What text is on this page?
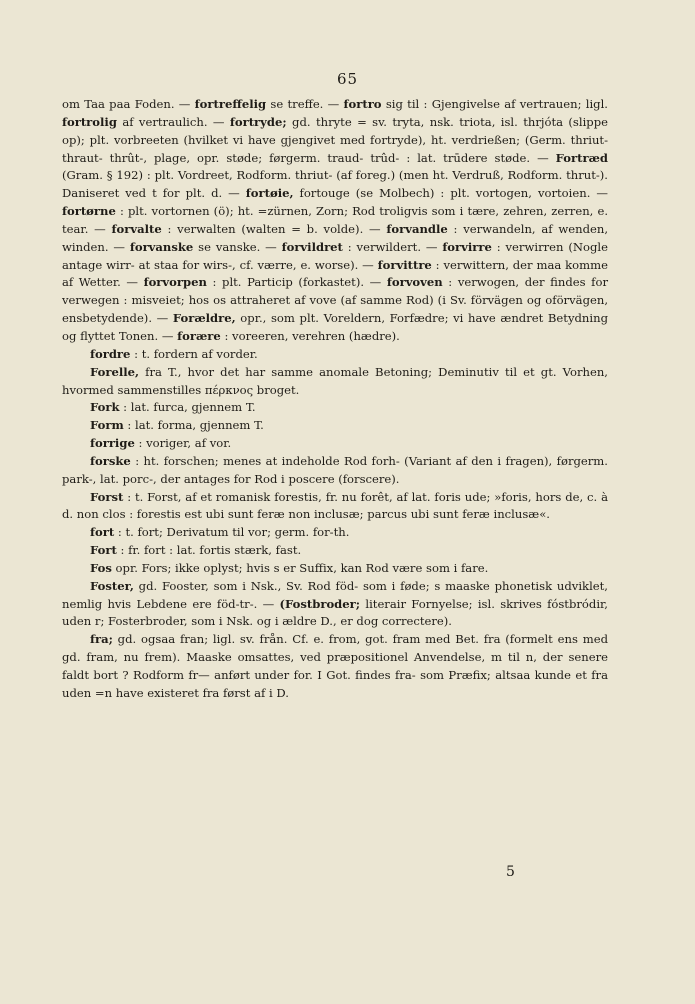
65

om Taa paa Foden. — fortreffelig se treffe. — fortro sig til : Gjengivelse af vertrauen; ligl. fortrolig af vertraulich. — fortryde; gd. thryte = sv. tryta, nsk. triota, isl. thrjóta (slippe op); plt. vorbreeten (hvilket vi have gjengivet med fortryde), ht. verdrießen; (Germ. thriut- thraut- thrût-, plage, opr. støde; førgerm. traud- trûd- : lat. trūdere støde. — Fortræd (Gram. § 192) : plt. Vordreet, Rodform. thriut- (af foreg.) (men ht. Verdruß, Rodform. thrut-). Daniseret ved t for plt. d. — fortøie, fortouge (se Molbech) : plt. vortogen, vortoien. — fortørne : plt. vortornen (ö); ht. =zürnen, Zorn; Rod troligvis som i tære, zehren, zerren, e. tear. — forvalte : verwalten (walten = b. volde). — forvandle : verwandeln, af wenden, winden. — forvanske se vanske. — forvildret : verwildert. — forvirre : verwirren (Nogle antage wirr- at staa for wirs-, cf. værre, e. worse). — forvittre : verwittern, der maa komme af Wetter. — forvorpen : plt. Particip (forkastet). — forvoven : verwogen, der findes for verwegen : misveiet; hos os attraheret af vove (af samme Rod) (i Sv. förvägen og oförvägen, ensbetydende). — Forældre, opr., som plt. Voreldern, Forfædre; vi have ændret Betydning og flyttet Tonen. — forære : voreeren, verehren (hædre).

fordre : t. fordern af vorder.

Forelle, fra T., hvor det har samme anomale Betoning; Deminutiv til et gt. Vorhen, hvormed sammenstilles πέρκνος broget.

Fork : lat. furca, gjennem T.

Form : lat. forma, gjennem T.

forrige : voriger, af vor.

forske : ht. forschen; menes at indeholde Rod forh- (Variant af den i fragen), førgerm. park-, lat. porc-, der antages for Rod i poscere (forscere).

Forst : t. Forst, af et romanisk forestis, fr. nu forêt, af lat. foris ude; »foris, hors de, c. à d. non clos : forestis est ubi sunt feræ non inclusæ; parcus ubi sunt feræ inclusæ«.

fort : t. fort; Derivatum til vor; germ. for-th.

Fort : fr. fort : lat. fortis stærk, fast.

Fos opr. Fors; ikke oplyst; hvis s er Suffix, kan Rod være som i fare.

Foster, gd. Fooster, som i Nsk., Sv. Rod föd- som i føde; s maaske phonetisk udviklet, nemlig hvis Lebdene ere föd-tr-. — (Fostbroder; literair Fornyelse; isl. skrives fóstbródir, uden r; Fosterbroder, som i Nsk. og i ældre D., er dog correctere).

fra; gd. ogsaa fran; ligl. sv. från. Cf. e. from, got. fram med Bet. fra (formelt ens med gd. fram, nu frem). Maaske omsattes, ved præpositionel Anvendelse, m til n, der senere faldt bort ? Rodform fr— anført under for. I Got. findes fra- som Præfix; altsaa kunde et fra uden =n have existeret fra først af i D.

5
